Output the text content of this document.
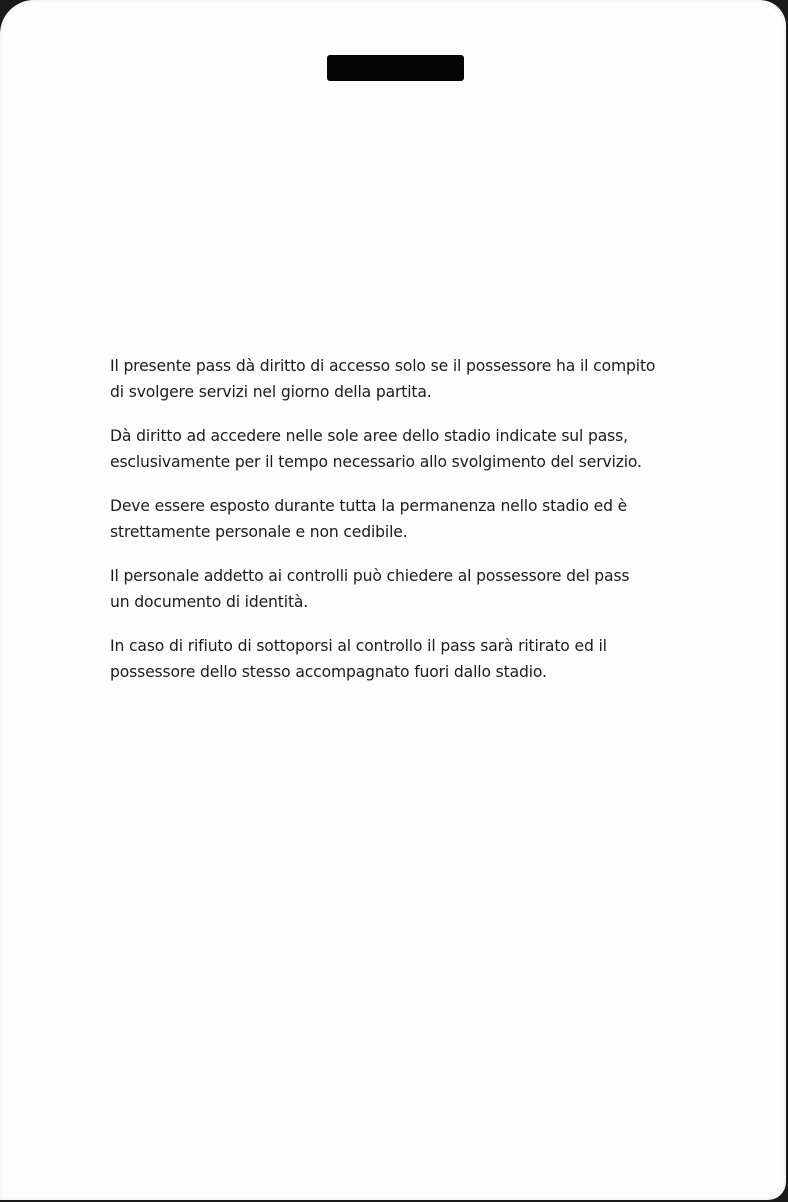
Il presente pass dà diritto di accesso solo se il possessore ha il compito
di svolgere servizi nel giorno della partita.

Dà diritto ad accedere nelle sole aree dello stadio indicate sul pass,
esclusivamente per il tempo necessario allo svolgimento del servizio.

Deve essere esposto durante tutta la permanenza nello stadio ed è
strettamente personale e non cedibile.

Il personale addetto ai controlli può chiedere al possessore del pass
un documento di identità.

In caso di rifiuto di sottoporsi al controllo il pass sarà ritirato ed il
possessore dello stesso accompagnato fuori dallo stadio.
